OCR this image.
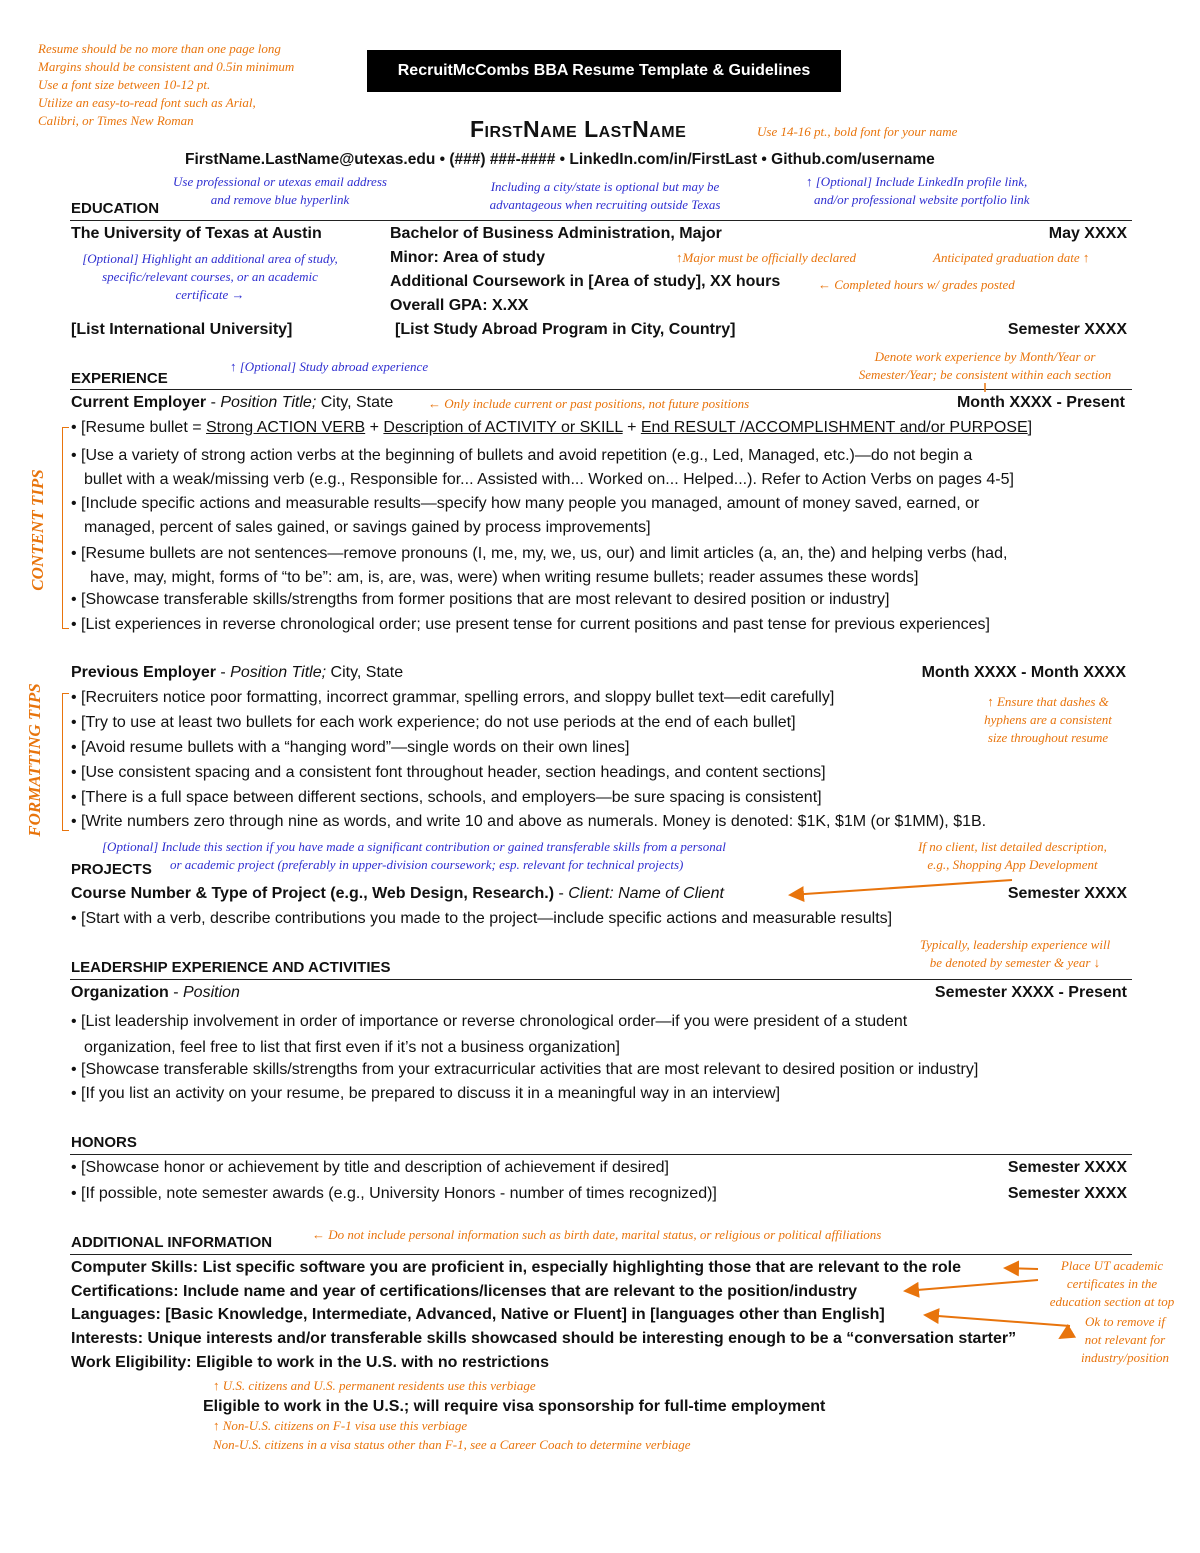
Resume should be no more than one page long
Margins should be consistent and 0.5in minimum
Use a font size between 10-12 pt.
Utilize an easy-to-read font such as Arial,
Calibri, or Times New Roman
RecruitMcCombs BBA Resume Template & Guidelines
FirstName LastName	Use 14-16 pt., bold font for your name
FirstName.LastName@utexas.edu • (###) ###-#### • LinkedIn.com/in/FirstLast • Github.com/username
Use professional or utexas email address
and remove blue hyperlink
Including a city/state is optional but may be
advantageous when recruiting outside Texas
↑ [Optional] Include LinkedIn profile link,
and/or professional website portfolio link
EDUCATION
The University of Texas at Austin	Bachelor of Business Administration, Major	May XXXX
[Optional] Highlight an additional area of study,
specific/relevant courses, or an academic
certificate →
Minor: Area of study	↑Major must be officially declared	Anticipated graduation date ↑
Additional Coursework in [Area of study], XX hours	← Completed hours w/ grades posted
Overall GPA: X.XX
[List International University]	[List Study Abroad Program in City, Country]	Semester XXXX
↑ [Optional] Study abroad experience
Denote work experience by Month/Year or
Semester/Year; be consistent within each section
EXPERIENCE
Current Employer - Position Title; City, State	← Only include current or past positions, not future positions	Month XXXX - Present
• [Resume bullet = Strong ACTION VERB + Description of ACTIVITY or SKILL + End RESULT /ACCOMPLISHMENT and/or PURPOSE]
• [Use a variety of strong action verbs at the beginning of bullets and avoid repetition (e.g., Led, Managed, etc.)—do not begin a
bullet with a weak/missing verb (e.g., Responsible for... Assisted with... Worked on... Helped...). Refer to Action Verbs on pages 4-5]
• [Include specific actions and measurable results—specify how many people you managed, amount of money saved, earned, or
managed, percent of sales gained, or savings gained by process improvements]
• [Resume bullets are not sentences—remove pronouns (I, me, my, we, us, our) and limit articles (a, an, the) and helping verbs (had,
have, may, might, forms of “to be”: am, is, are, was, were) when writing resume bullets; reader assumes these words]
• [Showcase transferable skills/strengths from former positions that are most relevant to desired position or industry]
• [List experiences in reverse chronological order; use present tense for current positions and past tense for previous experiences]
CONTENT TIPS
Previous Employer - Position Title; City, State	Month XXXX - Month XXXX
• [Recruiters notice poor formatting, incorrect grammar, spelling errors, and sloppy bullet text—edit carefully]
• [Try to use at least two bullets for each work experience; do not use periods at the end of each bullet]
• [Avoid resume bullets with a “hanging word”—single words on their own lines]
• [Use consistent spacing and a consistent font throughout header, section headings, and content sections]
• [There is a full space between different sections, schools, and employers—be sure spacing is consistent]
• [Write numbers zero through nine as words, and write 10 and above as numerals. Money is denoted: $1K, $1M (or $1MM), $1B.
FORMATTING TIPS	↑ Ensure that dashes &
hyphens are a consistent
size throughout resume
[Optional] Include this section if you have made a significant contribution or gained transferable skills from a personal
or academic project (preferably in upper-division coursework; esp. relevant for technical projects)
If no client, list detailed description,
e.g., Shopping App Development
PROJECTS
Course Number & Type of Project (e.g., Web Design, Research.) - Client: Name of Client	Semester XXXX
• [Start with a verb, describe contributions you made to the project—include specific actions and measurable results]
Typically, leadership experience will
be denoted by semester & year ↓
LEADERSHIP EXPERIENCE AND ACTIVITIES
Organization - Position	Semester XXXX - Present
• [List leadership involvement in order of importance or reverse chronological order—if you were president of a student
organization, feel free to list that first even if it’s not a business organization]
• [Showcase transferable skills/strengths from your extracurricular activities that are most relevant to desired position or industry]
• [If you list an activity on your resume, be prepared to discuss it in a meaningful way in an interview]
HONORS
• [Showcase honor or achievement by title and description of achievement if desired]	Semester XXXX
• [If possible, note semester awards (e.g., University Honors - number of times recognized)]	Semester XXXX
← Do not include personal information such as birth date, marital status, or religious or political affiliations
ADDITIONAL INFORMATION
Computer Skills: List specific software you are proficient in, especially highlighting those that are relevant to the role
Certifications: Include name and year of certifications/licenses that are relevant to the position/industry
Languages: [Basic Knowledge, Intermediate, Advanced, Native or Fluent] in [languages other than English]
Interests: Unique interests and/or transferable skills showcased should be interesting enough to be a “conversation starter”
Work Eligibility: Eligible to work in the U.S. with no restrictions
Place UT academic
certificates in the
education section at top
Ok to remove if
not relevant for
industry/position
↑ U.S. citizens and U.S. permanent residents use this verbiage
Eligible to work in the U.S.; will require visa sponsorship for full-time employment
↑ Non-U.S. citizens on F-1 visa use this verbiage
Non-U.S. citizens in a visa status other than F-1, see a Career Coach to determine verbiage
